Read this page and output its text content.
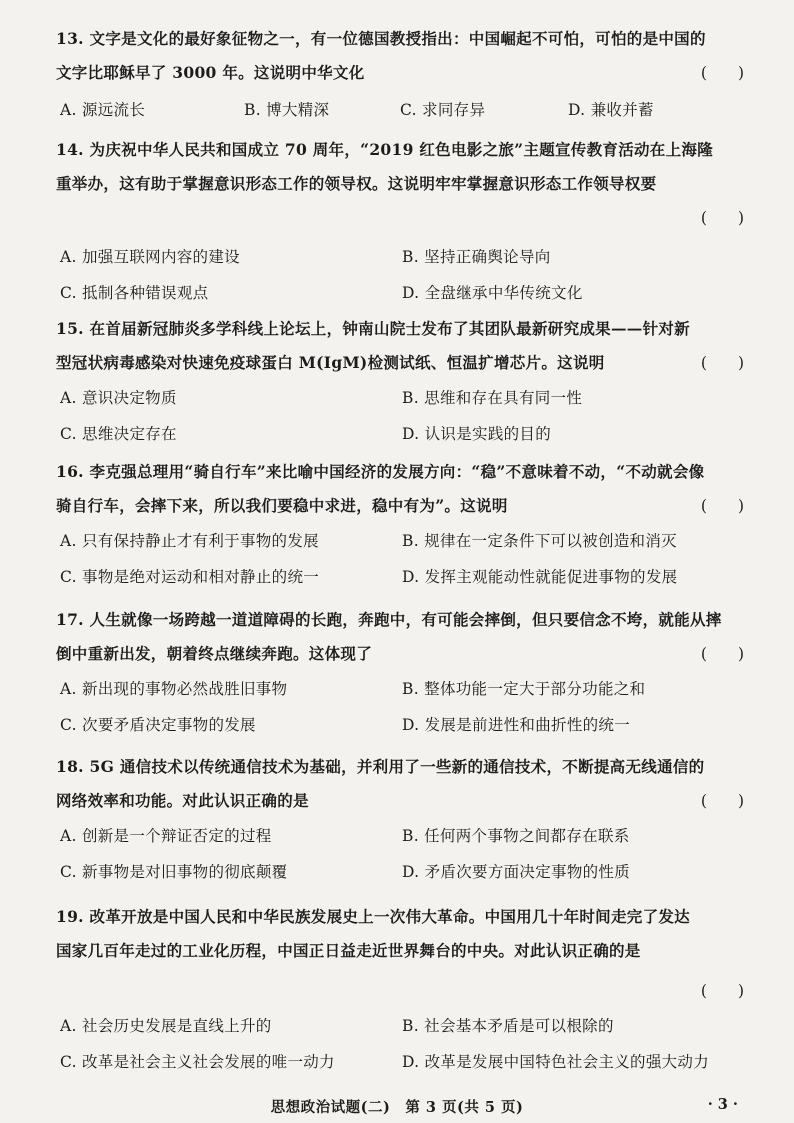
13. 文字是文化的最好象征物之一，有一位德国教授指出：中国崛起不可怕，可怕的是中国的
文字比耶稣早了 3000 年。这说明中华文化	(　　)
A. 源远流长	B. 博大精深	C. 求同存异	D. 兼收并蓄
14. 为庆祝中华人民共和国成立 70 周年，“2019 红色电影之旅”主题宣传教育活动在上海隆
重举办，这有助于掌握意识形态工作的领导权。这说明牢牢掌握意识形态工作领导权要
(　　)
A. 加强互联网内容的建设	B. 坚持正确舆论导向
C. 抵制各种错误观点	D. 全盘继承中华传统文化
15. 在首届新冠肺炎多学科线上论坛上，钟南山院士发布了其团队最新研究成果——针对新
型冠状病毒感染对快速免疫球蛋白 M(IgM)检测试纸、恒温扩增芯片。这说明	(　　)
A. 意识决定物质	B. 思维和存在具有同一性
C. 思维决定存在	D. 认识是实践的目的
16. 李克强总理用“骑自行车”来比喻中国经济的发展方向：“稳”不意味着不动，“不动就会像
骑自行车，会摔下来，所以我们要稳中求进，稳中有为”。这说明	(　　)
A. 只有保持静止才有利于事物的发展	B. 规律在一定条件下可以被创造和消灭
C. 事物是绝对运动和相对静止的统一	D. 发挥主观能动性就能促进事物的发展
17. 人生就像一场跨越一道道障碍的长跑，奔跑中，有可能会摔倒，但只要信念不垮，就能从摔
倒中重新出发，朝着终点继续奔跑。这体现了	(　　)
A. 新出现的事物必然战胜旧事物	B. 整体功能一定大于部分功能之和
C. 次要矛盾决定事物的发展	D. 发展是前进性和曲折性的统一
18. 5G 通信技术以传统通信技术为基础，并利用了一些新的通信技术，不断提高无线通信的
网络效率和功能。对此认识正确的是	(　　)
A. 创新是一个辩证否定的过程	B. 任何两个事物之间都存在联系
C. 新事物是对旧事物的彻底颠覆	D. 矛盾次要方面决定事物的性质
19. 改革开放是中国人民和中华民族发展史上一次伟大革命。中国用几十年时间走完了发达
国家几百年走过的工业化历程，中国正日益走近世界舞台的中央。对此认识正确的是
(　　)
A. 社会历史发展是直线上升的	B. 社会基本矛盾是可以根除的
C. 改革是社会主义社会发展的唯一动力	D. 改革是发展中国特色社会主义的强大动力
思想政治试题(二)　第 3 页(共 5 页)	· 3 ·
